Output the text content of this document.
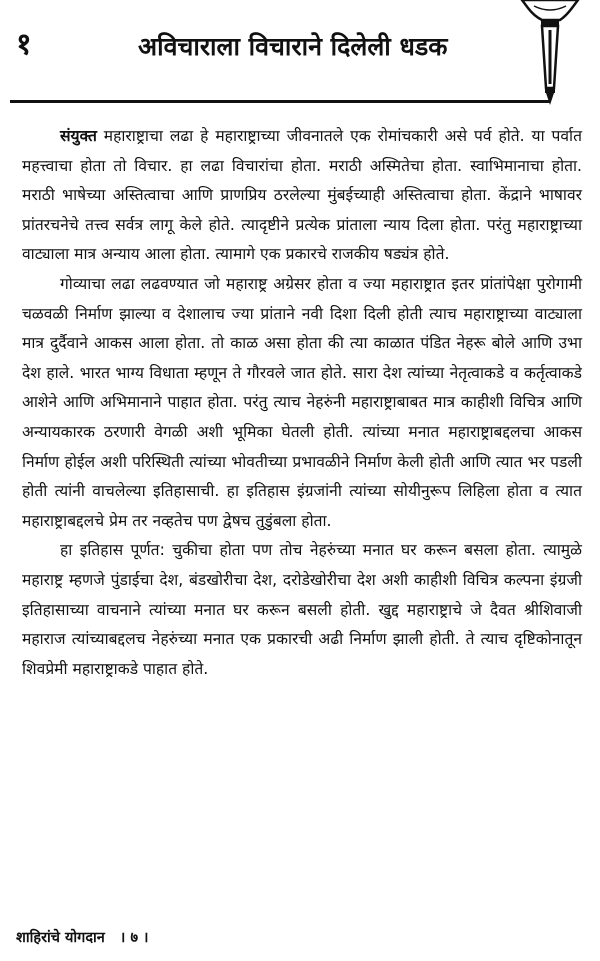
१	अविचाराला विचाराने दिलेली धडक

संयुक्त महाराष्ट्राचा लढा हे महाराष्ट्राच्या जीवनातले एक रोमांचकारी असे पर्व होते. या पर्वात महत्त्वाचा होता तो विचार. हा लढा विचारांचा होता. मराठी अस्मितेचा होता. स्वाभिमानाचा होता. मराठी भाषेच्या अस्तित्वाचा आणि प्राणप्रिय ठरलेल्या मुंबईच्याही अस्तित्वाचा होता. केंद्राने भाषावर प्रांतरचनेचे तत्त्व सर्वत्र लागू केले होते. त्यादृष्टीने प्रत्येक प्रांताला न्याय दिला होता. परंतु महाराष्ट्राच्या वाट्याला मात्र अन्याय आला होता. त्यामागे एक प्रकारचे राजकीय षड्यंत्र होते.

गोव्याचा लढा लढवण्यात जो महाराष्ट्र अग्रेसर होता व ज्या महाराष्ट्रात इतर प्रांतांपेक्षा पुरोगामी चळवळी निर्माण झाल्या व देशालाच ज्या प्रांताने नवी दिशा दिली होती त्याच महाराष्ट्राच्या वाट्याला मात्र दुर्दैवाने आकस आला होता. तो काळ असा होता की त्या काळात पंडित नेहरू बोले आणि उभा देश हाले. भारत भाग्य विधाता म्हणून ते गौरवले जात होते. सारा देश त्यांच्या नेतृत्वाकडे व कर्तृत्वाकडे आशेने आणि अभिमानाने पाहात होता. परंतु त्याच नेहरुंनी महाराष्ट्राबाबत मात्र काहीशी विचित्र आणि अन्यायकारक ठरणारी वेगळी अशी भूमिका घेतली होती. त्यांच्या मनात महाराष्ट्राबद्दलचा आकस निर्माण होईल अशी परिस्थिती त्यांच्या भोवतीच्या प्रभावळीने निर्माण केली होती आणि त्यात भर पडली होती त्यांनी वाचलेल्या इतिहासाची. हा इतिहास इंग्रजांनी त्यांच्या सोयीनुरूप लिहिला होता व त्यात महाराष्ट्राबद्दलचे प्रेम तर नव्हतेच पण द्वेषच तुडुंबला होता.

हा इतिहास पूर्णत: चुकीचा होता पण तोच नेहरुंच्या मनात घर करून बसला होता. त्यामुळे महाराष्ट्र म्हणजे पुंडाईचा देश, बंडखोरीचा देश, दरोडेखोरीचा देश अशी काहीशी विचित्र कल्पना इंग्रजी इतिहासाच्या वाचनाने त्यांच्या मनात घर करून बसली होती. खुद्द महाराष्ट्राचे जे दैवत श्रीशिवाजी महाराज त्यांच्याबद्दलच नेहरुंच्या मनात एक प्रकारची अढी निर्माण झाली होती. ते त्याच दृष्टिकोनातून शिवप्रेमी महाराष्ट्राकडे पाहात होते.

शाहिरांचे योगदान । ७ ।
